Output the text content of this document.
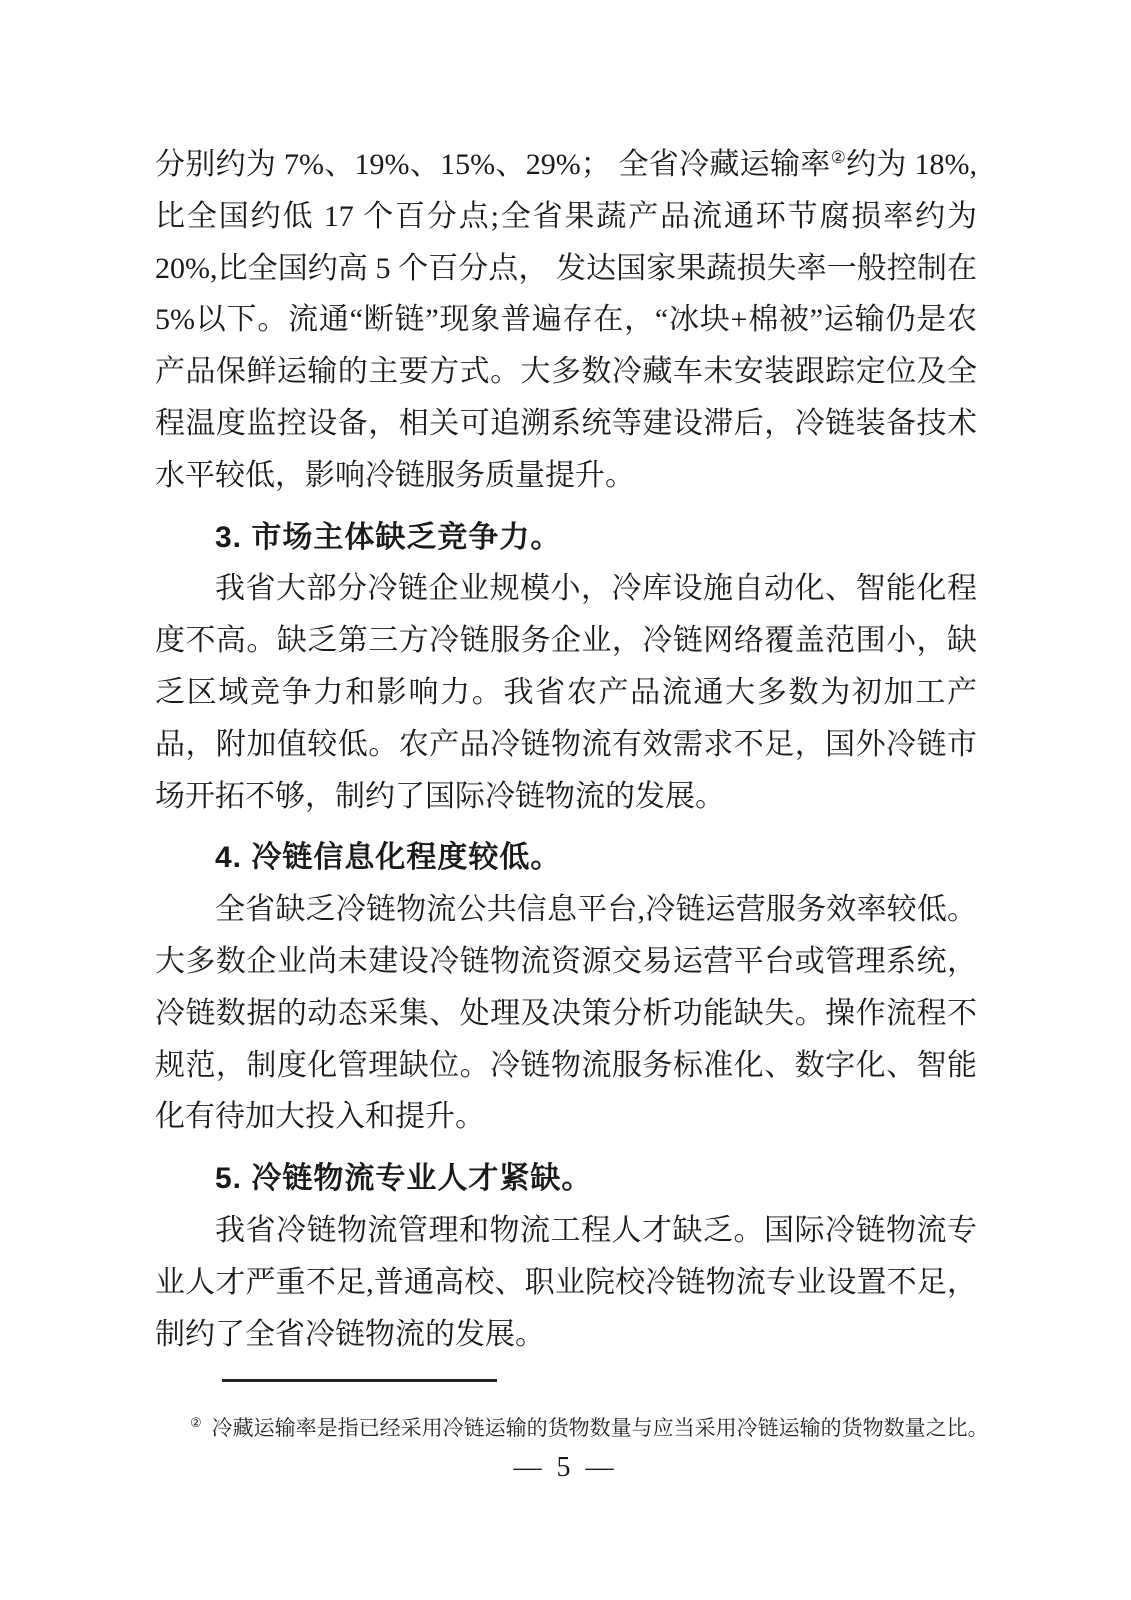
分别约为 7%、19%、15%、29%； 全省冷藏运输率②约为 18%,比全国约低 17 个百分点;全省果蔬产品流通环节腐损率约为 20%,比全国约高 5 个百分点， 发达国家果蔬损失率一般控制在 5%以下。流通“断链”现象普遍存在，“冰块+棉被”运输仍是农产品保鲜运输的主要方式。大多数冷藏车未安装跟踪定位及全程温度监控设备，相关可追溯系统等建设滞后，冷链装备技术水平较低，影响冷链服务质量提升。

3. 市场主体缺乏竞争力。

我省大部分冷链企业规模小，冷库设施自动化、智能化程度不高。缺乏第三方冷链服务企业，冷链网络覆盖范围小，缺乏区域竞争力和影响力。我省农产品流通大多数为初加工产品，附加值较低。农产品冷链物流有效需求不足，国外冷链市场开拓不够，制约了国际冷链物流的发展。

4. 冷链信息化程度较低。

全省缺乏冷链物流公共信息平台,冷链运营服务效率较低。大多数企业尚未建设冷链物流资源交易运营平台或管理系统，冷链数据的动态采集、处理及决策分析功能缺失。操作流程不规范，制度化管理缺位。冷链物流服务标准化、数字化、智能化有待加大投入和提升。

5. 冷链物流专业人才紧缺。

我省冷链物流管理和物流工程人才缺乏。国际冷链物流专业人才严重不足,普通高校、职业院校冷链物流专业设置不足，制约了全省冷链物流的发展。

② 冷藏运输率是指已经采用冷链运输的货物数量与应当采用冷链运输的货物数量之比。
— 5 —
